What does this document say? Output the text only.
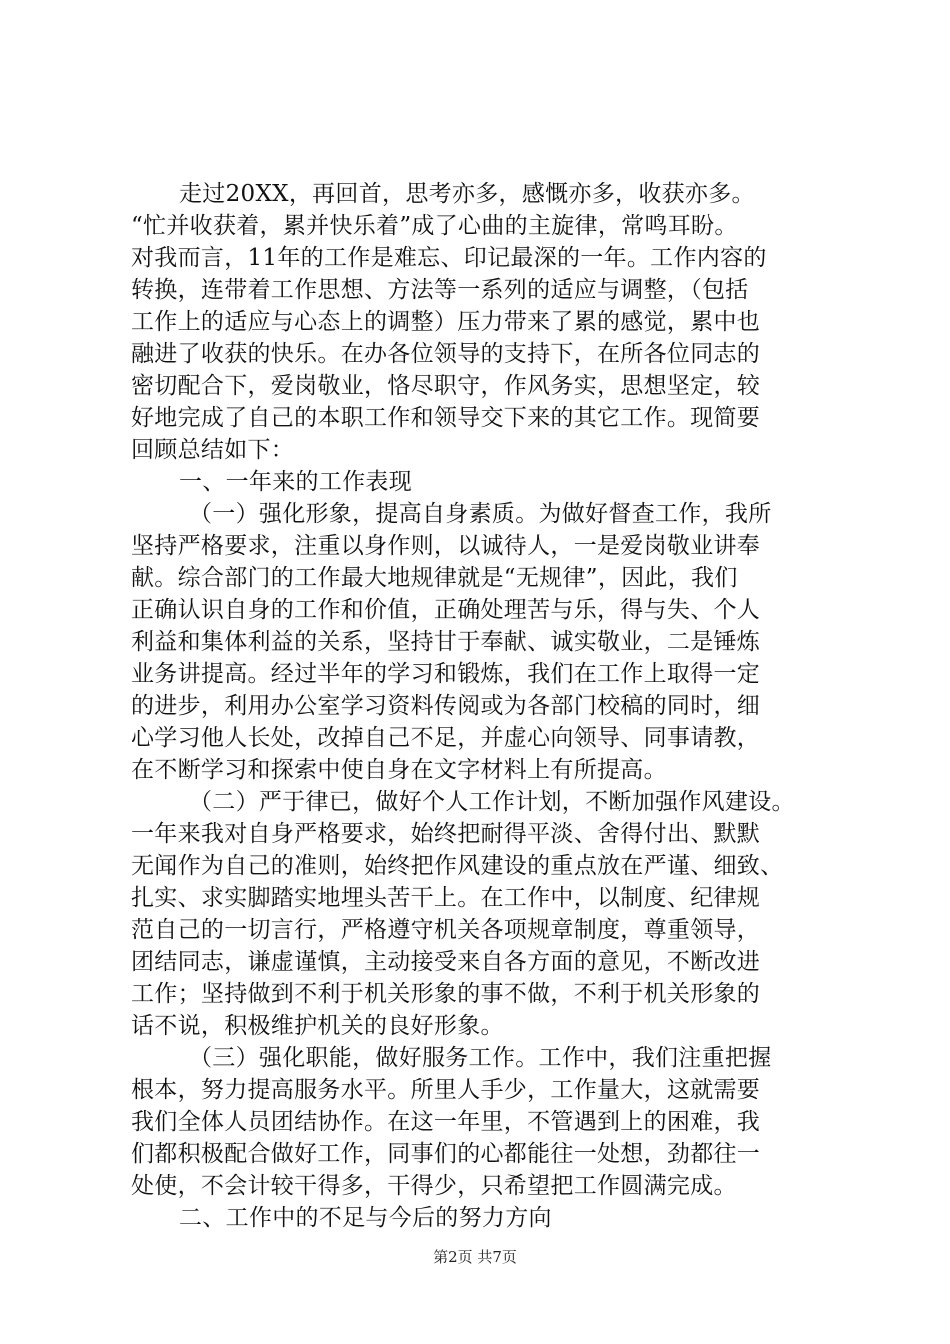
走过20XX，再回首，思考亦多，感慨亦多，收获亦多。
“忙并收获着，累并快乐着”成了心曲的主旋律，常鸣耳盼。
对我而言，11年的工作是难忘、印记最深的一年。工作内容的
转换，连带着工作思想、方法等一系列的适应与调整，（包括
工作上的适应与心态上的调整）压力带来了累的感觉，累中也
融进了收获的快乐。在办各位领导的支持下，在所各位同志的
密切配合下，爱岗敬业，恪尽职守，作风务实，思想坚定，较
好地完成了自己的本职工作和领导交下来的其它工作。现简要
回顾总结如下：
一、一年来的工作表现
（一）强化形象，提高自身素质。为做好督查工作，我所
坚持严格要求，注重以身作则，以诚待人，一是爱岗敬业讲奉
献。综合部门的工作最大地规律就是“无规律”，因此，我们
正确认识自身的工作和价值，正确处理苦与乐，得与失、个人
利益和集体利益的关系，坚持甘于奉献、诚实敬业，二是锤炼
业务讲提高。经过半年的学习和锻炼，我们在工作上取得一定
的进步，利用办公室学习资料传阅或为各部门校稿的同时，细
心学习他人长处，改掉自己不足，并虚心向领导、同事请教，
在不断学习和探索中使自身在文字材料上有所提高。
（二）严于律已，做好个人工作计划，不断加强作风建设。
一年来我对自身严格要求，始终把耐得平淡、舍得付出、默默
无闻作为自己的准则，始终把作风建设的重点放在严谨、细致、
扎实、求实脚踏实地埋头苦干上。在工作中，以制度、纪律规
范自己的一切言行，严格遵守机关各项规章制度，尊重领导，
团结同志，谦虚谨慎，主动接受来自各方面的意见，不断改进
工作；坚持做到不利于机关形象的事不做，不利于机关形象的
话不说，积极维护机关的良好形象。
（三）强化职能，做好服务工作。工作中，我们注重把握
根本，努力提高服务水平。所里人手少，工作量大，这就需要
我们全体人员团结协作。在这一年里，不管遇到上的困难，我
们都积极配合做好工作，同事们的心都能往一处想，劲都往一
处使，不会计较干得多，干得少，只希望把工作圆满完成。
二、工作中的不足与今后的努力方向
第2页 共7页
